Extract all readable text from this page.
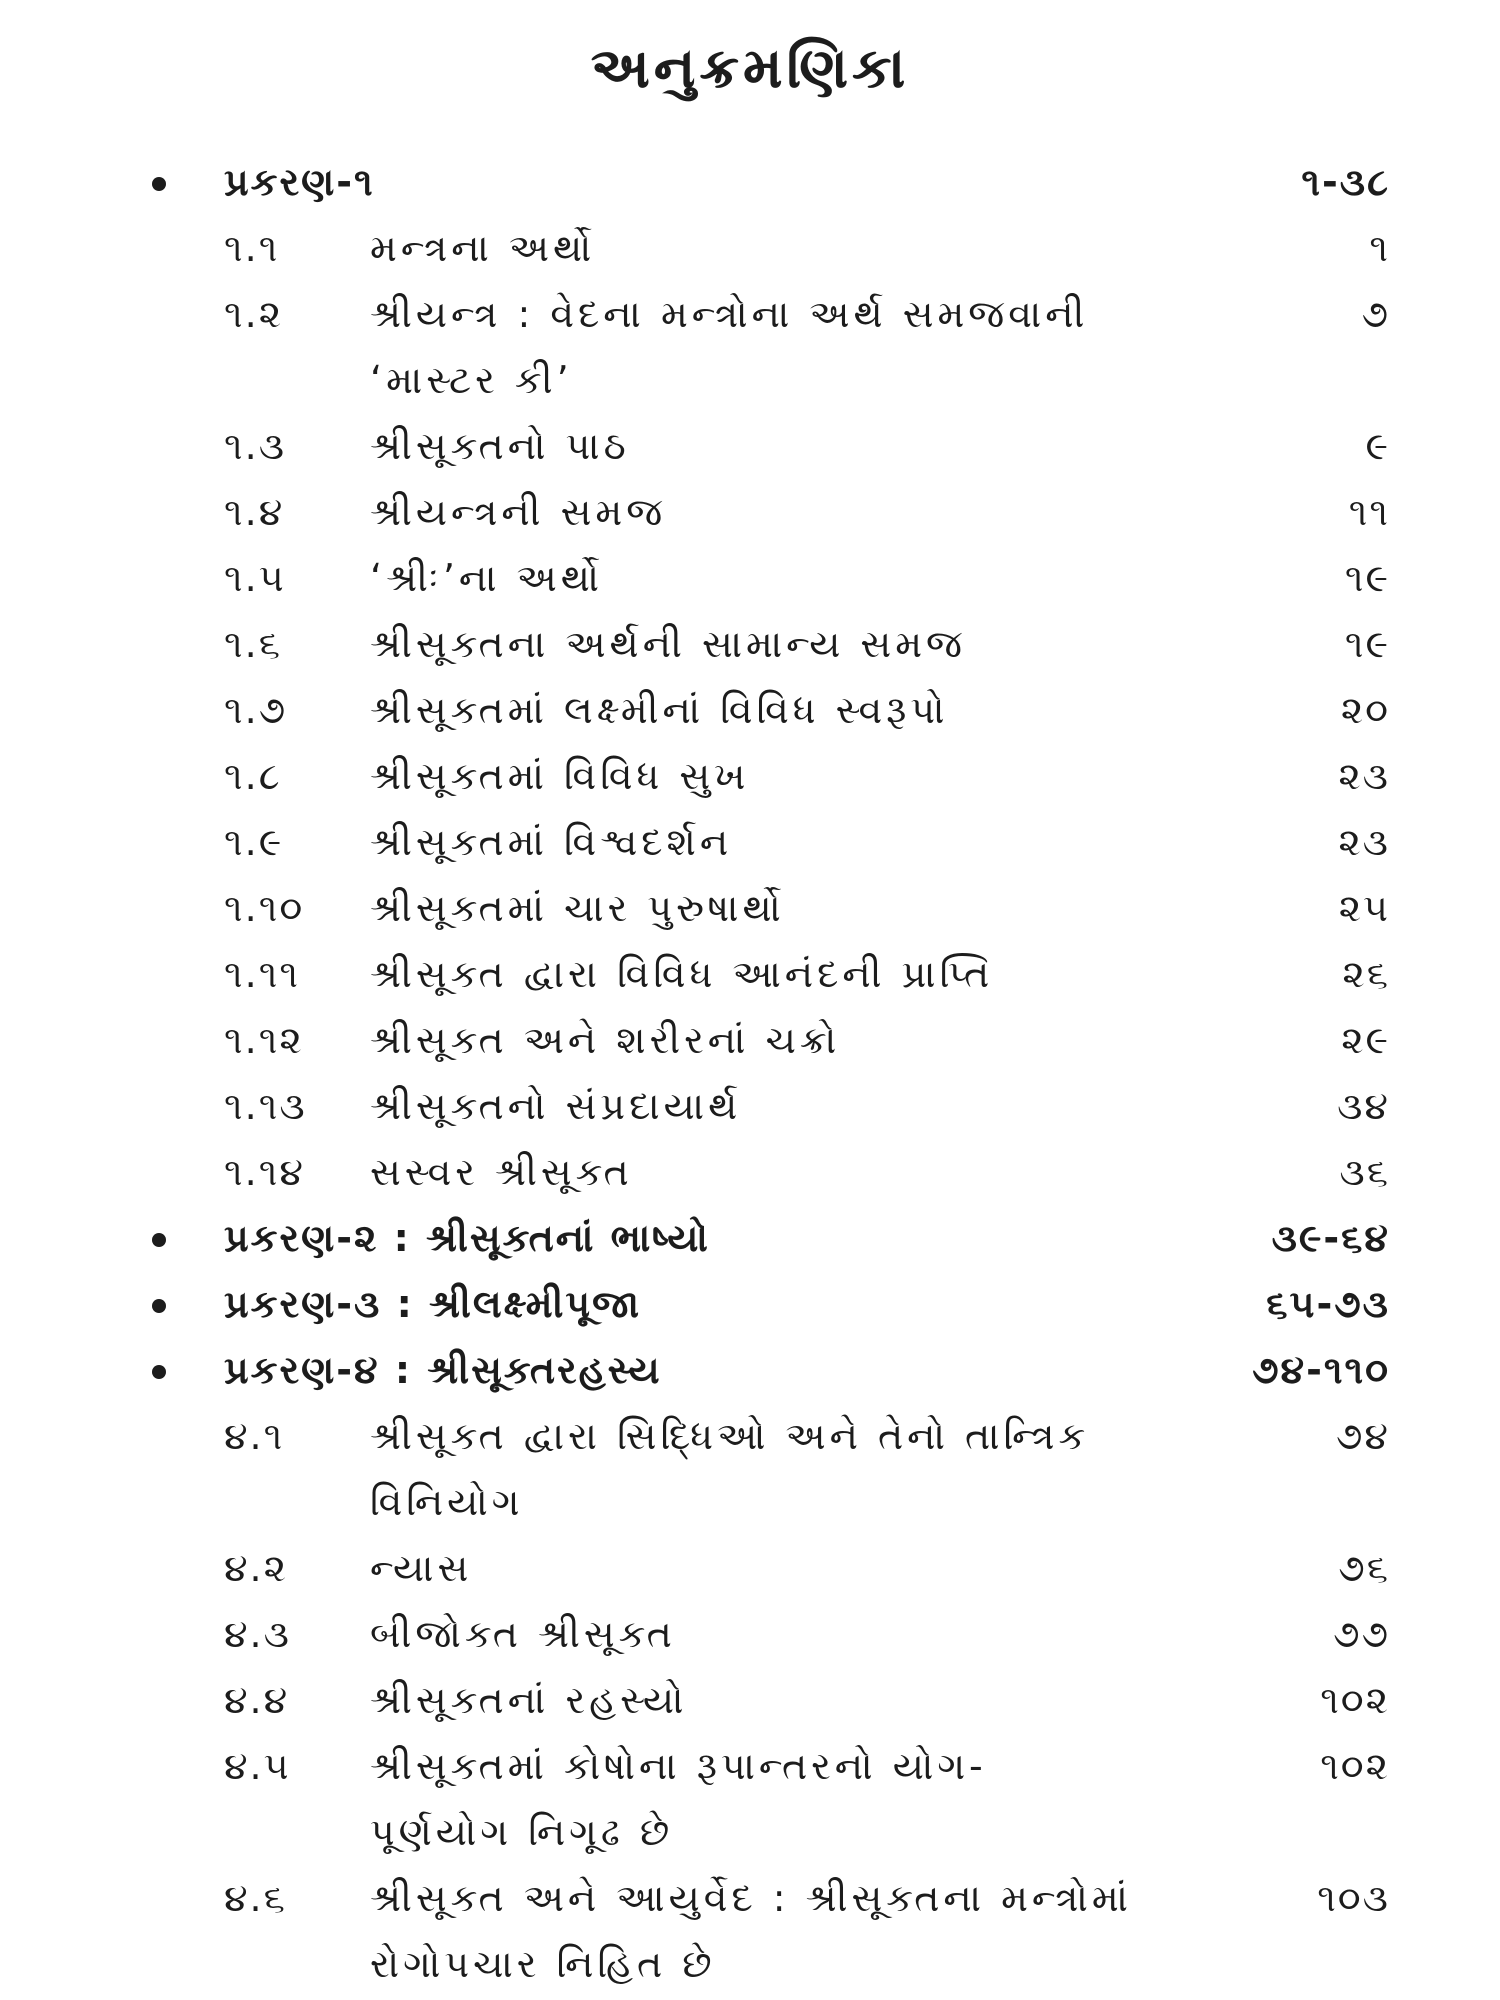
અનુક્રમણિકા
પ્રકરણ-૧	૧-૩૮
૧.૧ મન્ત્રના અર્થો	૧
૧.૨ શ્રીયન્ત્ર : વેદના મન્ત્રોના અર્થ સમજવાની	૭
‘માસ્ટર કી’
૧.૩ શ્રીસૂક્તનો પાઠ	૯
૧.૪ શ્રીયન્ત્રની સમજ	૧૧
૧.૫ ‘શ્રીઃ’ના અર્થો	૧૯
૧.૬ શ્રીસૂક્તના અર્થની સામાન્ય સમજ	૧૯
૧.૭ શ્રીસૂક્તમાં લક્ષ્મીનાં વિવિધ સ્વરૂપો	૨૦
૧.૮ શ્રીસૂક્તમાં વિવિધ સુખ	૨૩
૧.૯ શ્રીસૂક્તમાં વિશ્વદર્શન	૨૩
૧.૧૦ શ્રીસૂક્તમાં ચાર પુરુષાર્થો	૨૫
૧.૧૧ શ્રીસૂક્ત દ્વારા વિવિધ આનંદની પ્રાપ્તિ	૨૬
૧.૧૨ શ્રીસૂક્ત અને શરીરનાં ચક્રો	૨૯
૧.૧૩ શ્રીસૂક્તનો સંપ્રદાયાર્થ	૩૪
૧.૧૪ સસ્વર શ્રીસૂક્ત	૩૬
પ્રકરણ-૨ : શ્રીસૂક્તનાં ભાષ્યો	૩૯-૬૪
પ્રકરણ-૩ : શ્રીલક્ષ્મીપૂજા	૬૫-૭૩
પ્રકરણ-૪ : શ્રીસૂક્તરહસ્ય	૭૪-૧૧૦
૪.૧ શ્રીસૂક્ત દ્વારા સિદ્ધિઓ અને તેનો તાન્ત્રિક	૭૪
વિનિયોગ
૪.૨ ન્યાસ	૭૬
૪.૩ બીજોક્ત શ્રીસૂક્ત	૭૭
૪.૪ શ્રીસૂક્તનાં રહસ્યો	૧૦૨
૪.૫ શ્રીસૂક્તમાં કોષોના રૂપાન્તરનો યોગ-	૧૦૨
પૂર્ણયોગ નિગૂઢ છે
૪.૬ શ્રીસૂક્ત અને આયુર્વેદ : શ્રીસૂક્તના મન્ત્રોમાં	૧૦૩
રોગોપચાર નિહિત છે
